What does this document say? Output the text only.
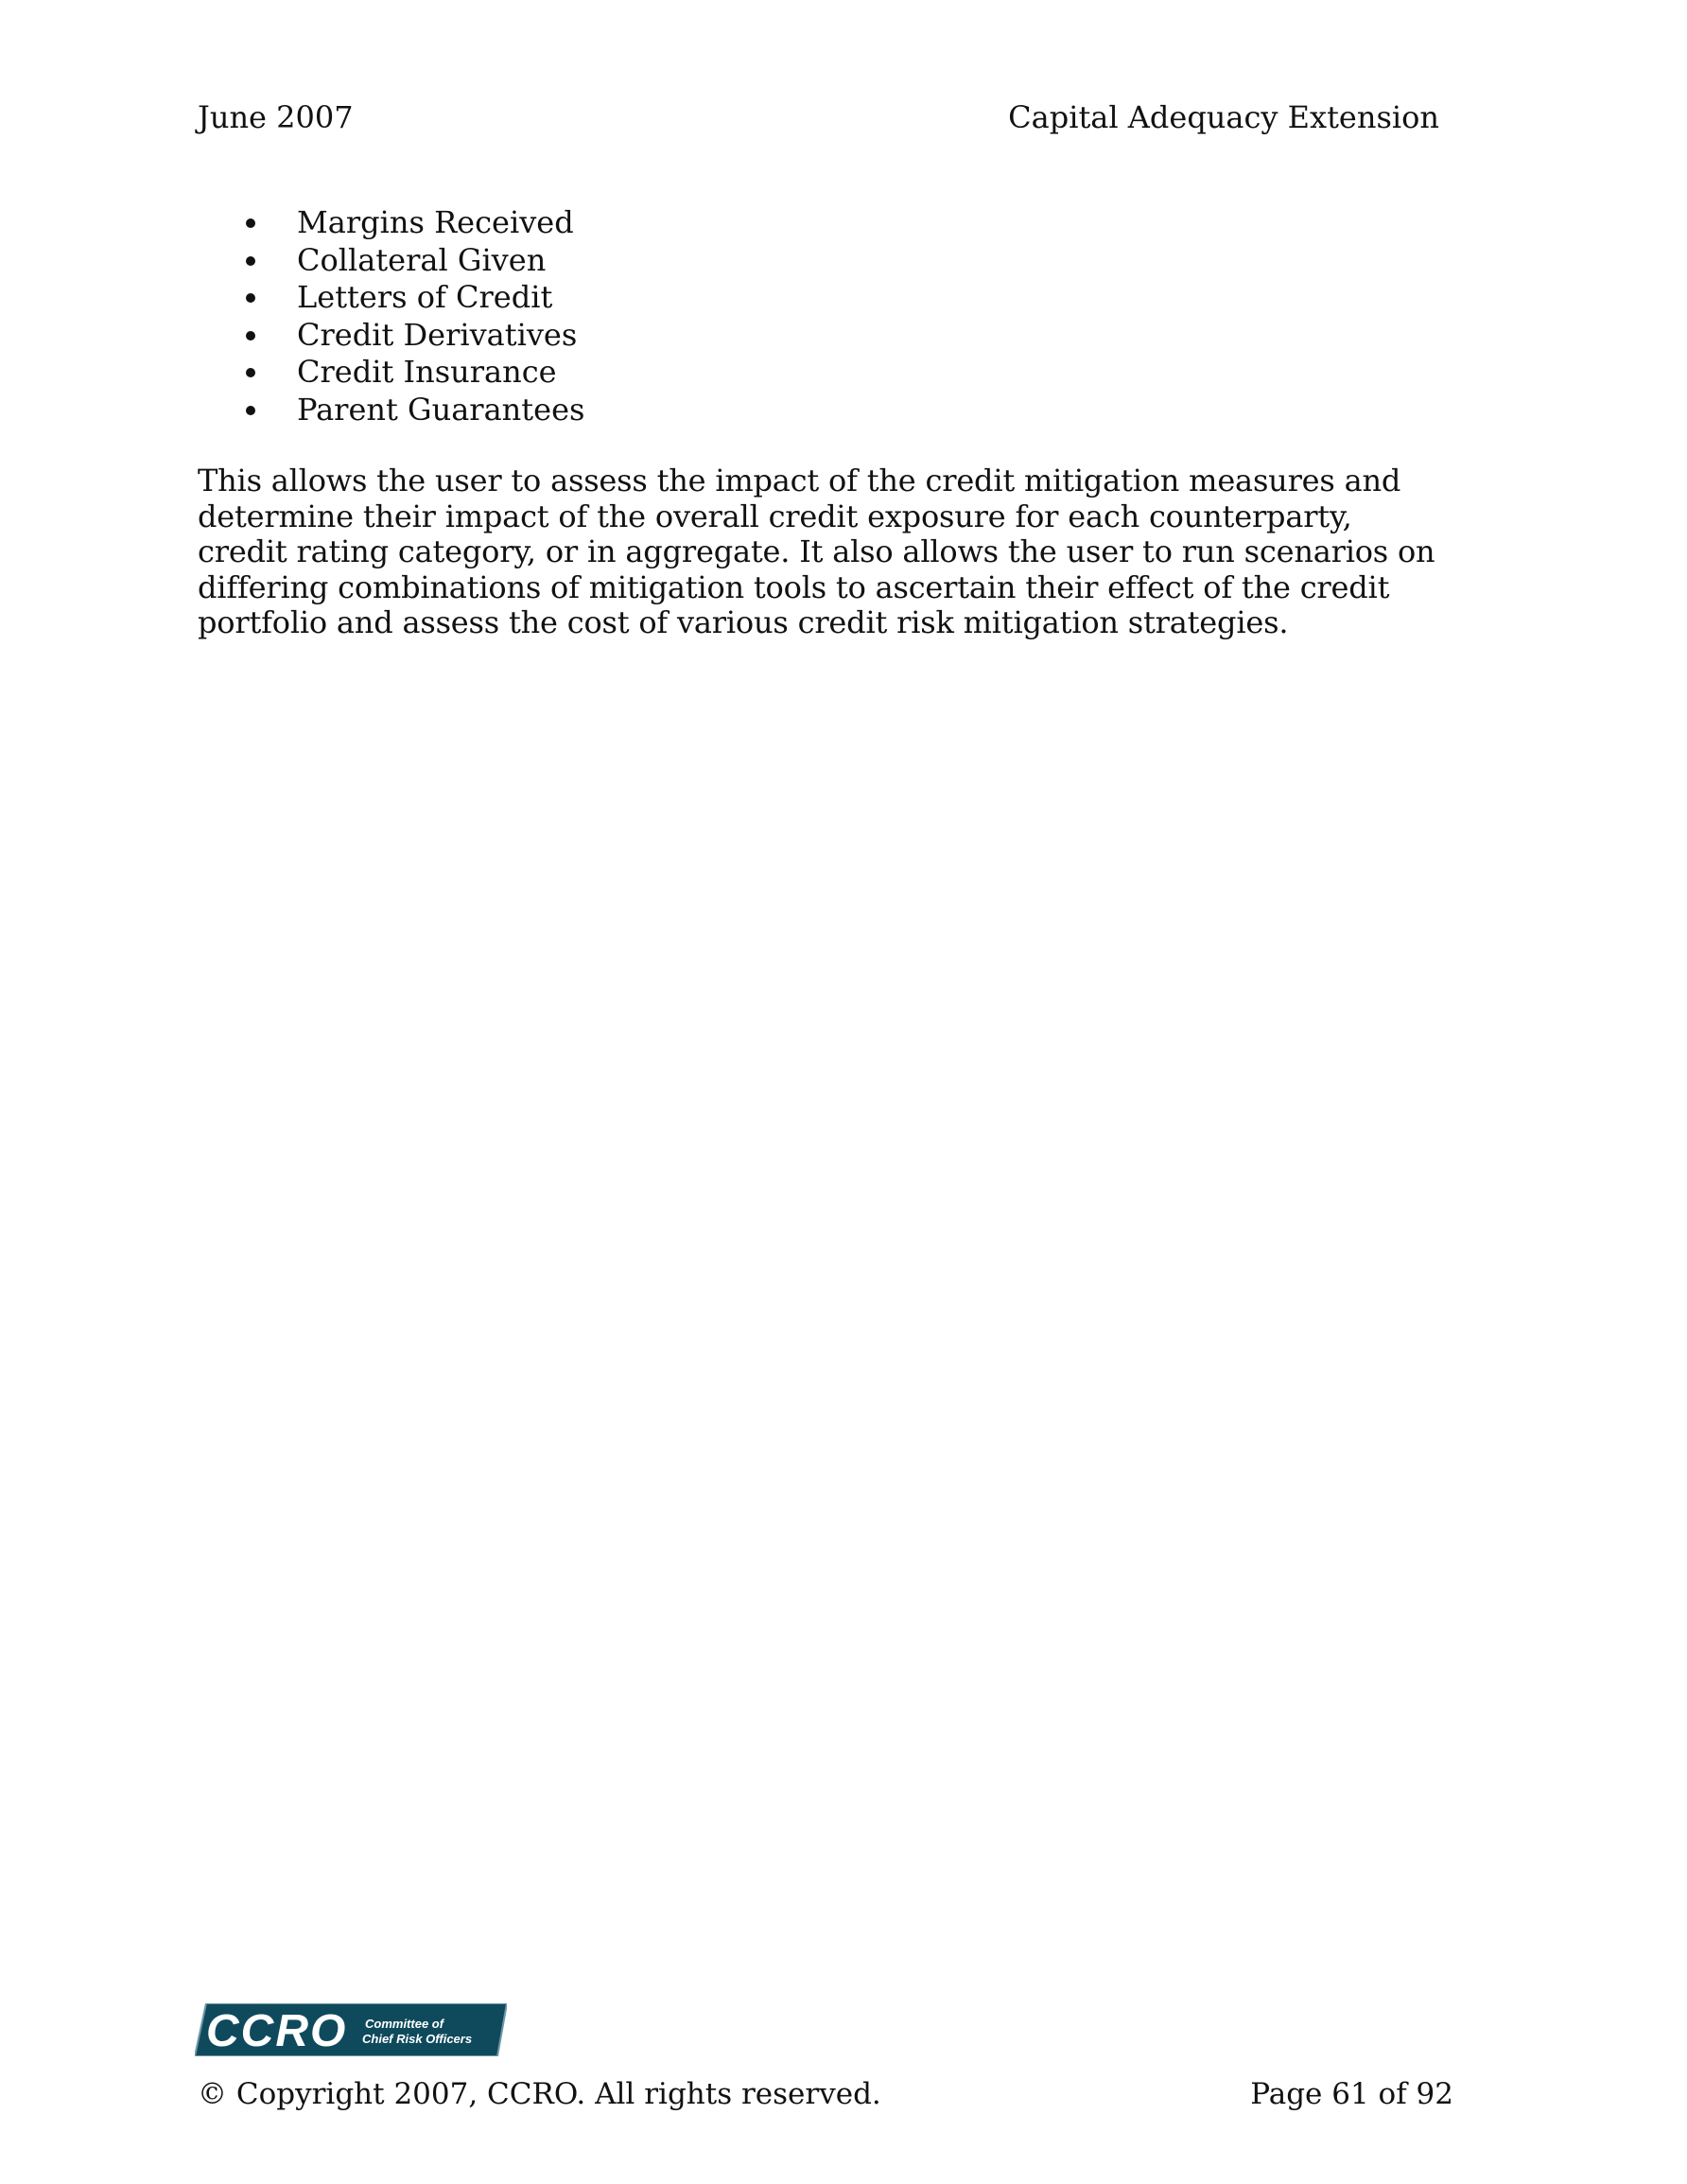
June 2007	Capital Adequacy Extension
Margins Received
Collateral Given
Letters of Credit
Credit Derivatives
Credit Insurance
Parent Guarantees

This allows the user to assess the impact of the credit mitigation measures and determine their impact of the overall credit exposure for each counterparty, credit rating category, or in aggregate. It also allows the user to run scenarios on differing combinations of mitigation tools to ascertain their effect of the credit portfolio and assess the cost of various credit risk mitigation strategies.

CCRO Committee of
Chief Risk Officers
© Copyright 2007, CCRO. All rights reserved.	Page 61 of 92
